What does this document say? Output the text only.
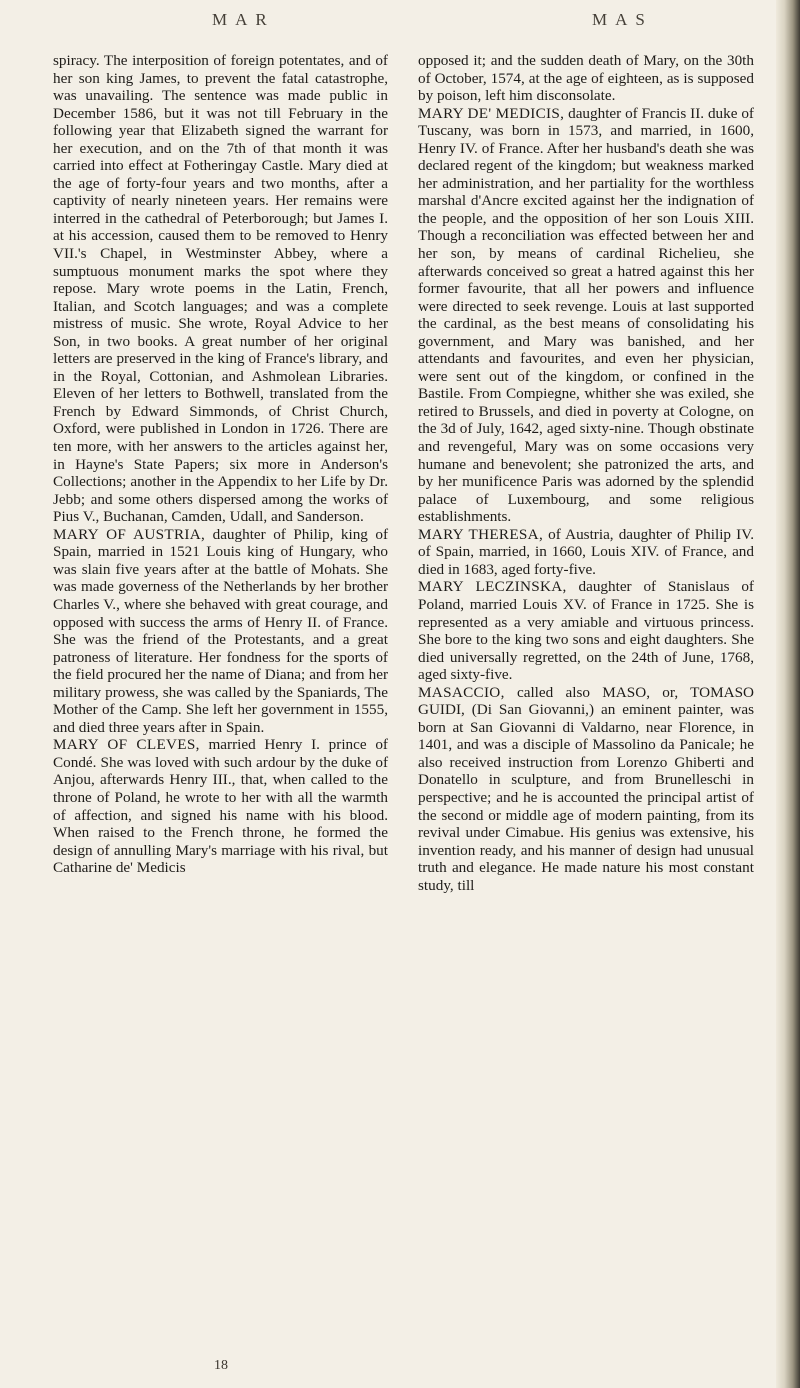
MAR	MAS

spiracy. The interposition of foreign potentates, and of her son king James, to prevent the fatal catastrophe, was unavailing. The sentence was made public in December 1586, but it was not till February in the following year that Elizabeth signed the warrant for her execution, and on the 7th of that month it was carried into effect at Fotheringay Castle. Mary died at the age of forty-four years and two months, after a captivity of nearly nineteen years. Her remains were interred in the cathedral of Peterborough; but James I. at his accession, caused them to be removed to Henry VII.'s Chapel, in Westminster Abbey, where a sumptuous monument marks the spot where they repose. Mary wrote poems in the Latin, French, Italian, and Scotch languages; and was a complete mistress of music. She wrote, Royal Advice to her Son, in two books. A great number of her original letters are preserved in the king of France's library, and in the Royal, Cottonian, and Ashmolean Libraries. Eleven of her letters to Bothwell, translated from the French by Edward Simmonds, of Christ Church, Oxford, were published in London in 1726. There are ten more, with her answers to the articles against her, in Hayne's State Papers; six more in Anderson's Collections; another in the Appendix to her Life by Dr. Jebb; and some others dispersed among the works of Pius V., Buchanan, Camden, Udall, and Sanderson.

MARY OF AUSTRIA, daughter of Philip, king of Spain, married in 1521 Louis king of Hungary, who was slain five years after at the battle of Mohats. She was made governess of the Netherlands by her brother Charles V., where she behaved with great courage, and opposed with success the arms of Henry II. of France. She was the friend of the Protestants, and a great patroness of literature. Her fondness for the sports of the field procured her the name of Diana; and from her military prowess, she was called by the Spaniards, The Mother of the Camp. She left her government in 1555, and died three years after in Spain.

MARY OF CLEVES, married Henry I. prince of Condé. She was loved with such ardour by the duke of Anjou, afterwards Henry III., that, when called to the throne of Poland, he wrote to her with all the warmth of affection, and signed his name with his blood. When raised to the French throne, he formed the design of annulling Mary's marriage with his rival, but Catharine de' Medicis

opposed it; and the sudden death of Mary, on the 30th of October, 1574, at the age of eighteen, as is supposed by poison, left him disconsolate.

MARY DE' MEDICIS, daughter of Francis II. duke of Tuscany, was born in 1573, and married, in 1600, Henry IV. of France. After her husband's death she was declared regent of the kingdom; but weakness marked her administration, and her partiality for the worthless marshal d'Ancre excited against her the indignation of the people, and the opposition of her son Louis XIII. Though a reconciliation was effected between her and her son, by means of cardinal Richelieu, she afterwards conceived so great a hatred against this her former favourite, that all her powers and influence were directed to seek revenge. Louis at last supported the cardinal, as the best means of consolidating his government, and Mary was banished, and her attendants and favourites, and even her physician, were sent out of the kingdom, or confined in the Bastile. From Compiegne, whither she was exiled, she retired to Brussels, and died in poverty at Cologne, on the 3d of July, 1642, aged sixty-nine. Though obstinate and revengeful, Mary was on some occasions very humane and benevolent; she patronized the arts, and by her munificence Paris was adorned by the splendid palace of Luxembourg, and some religious establishments.

MARY THERESA, of Austria, daughter of Philip IV. of Spain, married, in 1660, Louis XIV. of France, and died in 1683, aged forty-five.

MARY LECZINSKA, daughter of Stanislaus of Poland, married Louis XV. of France in 1725. She is represented as a very amiable and virtuous princess. She bore to the king two sons and eight daughters. She died universally regretted, on the 24th of June, 1768, aged sixty-five.

MASACCIO, called also MASO, or, TOMASO GUIDI, (Di San Giovanni,) an eminent painter, was born at San Giovanni di Valdarno, near Florence, in 1401, and was a disciple of Massolino da Panicale; he also received instruction from Lorenzo Ghiberti and Donatello in sculpture, and from Brunelleschi in perspective; and he is accounted the principal artist of the second or middle age of modern painting, from its revival under Cimabue. His genius was extensive, his invention ready, and his manner of design had unusual truth and elegance. He made nature his most constant study, till

18
